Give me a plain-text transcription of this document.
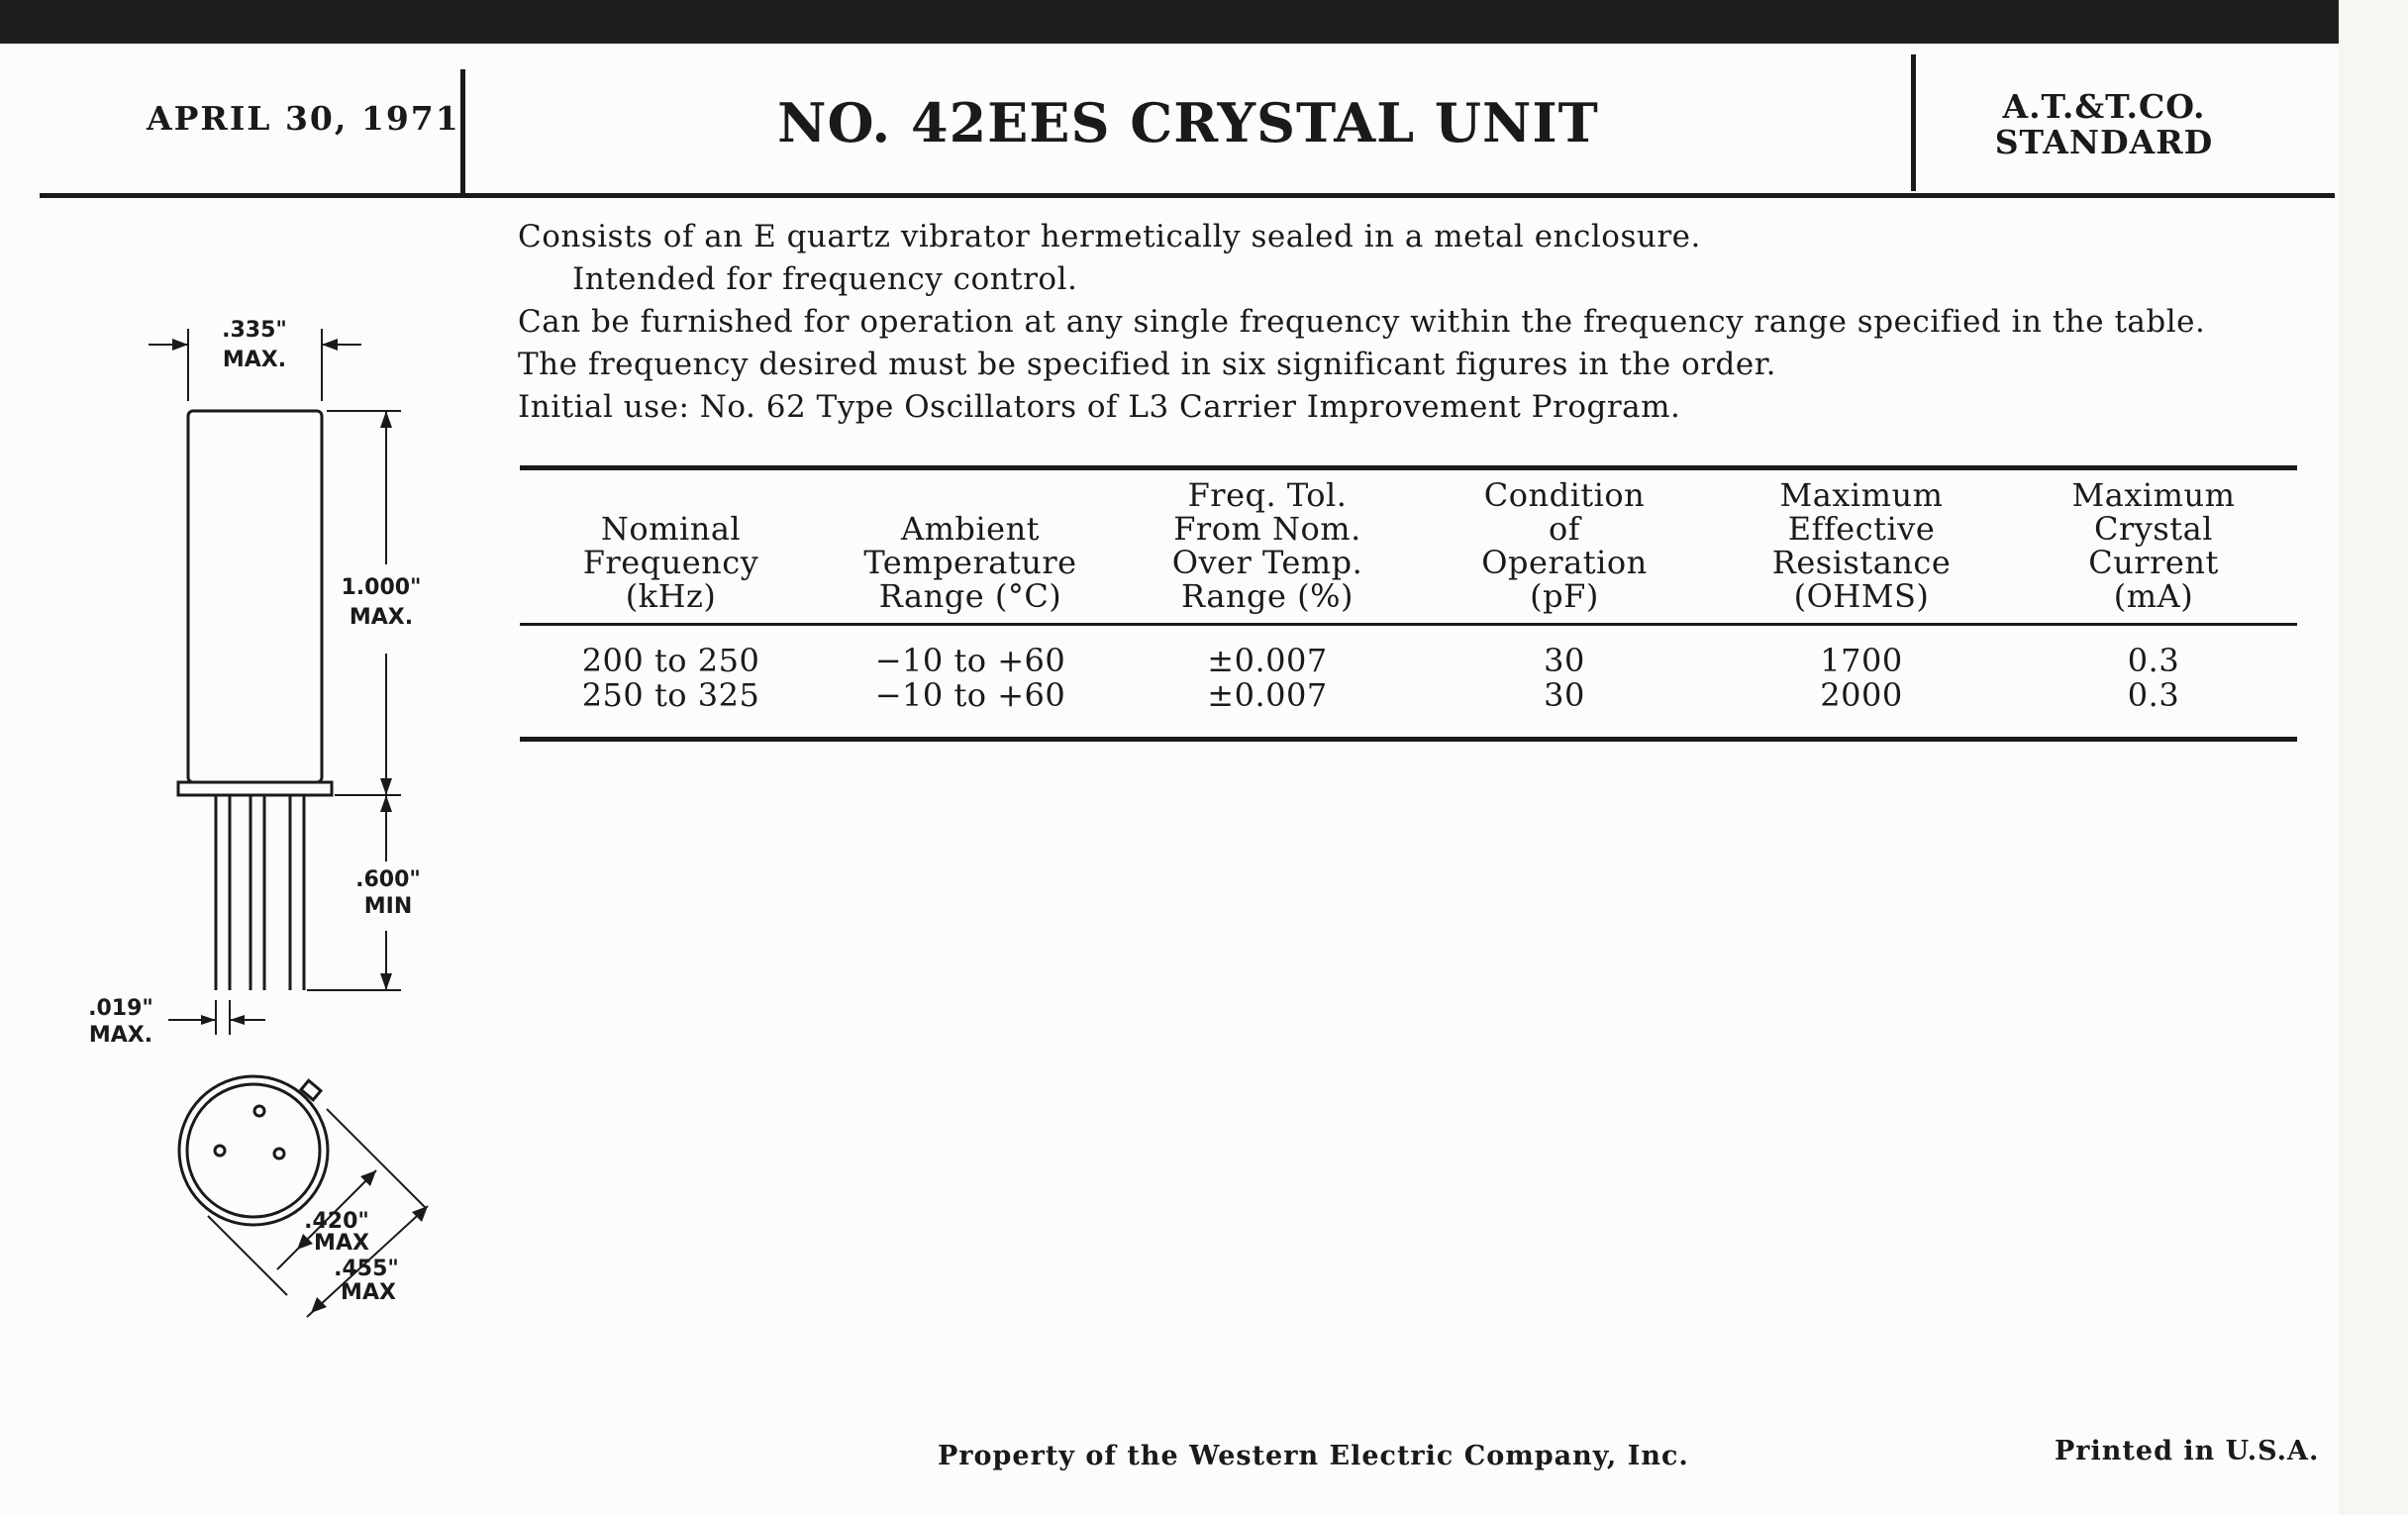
APRIL 30, 1971	NO. 42EES CRYSTAL UNIT	A.T.&T.CO.
STANDARD
Consists of an E quartz vibrator hermetically sealed in a metal enclosure.
Intended for frequency control.
Can be furnished for operation at any single frequency within the frequency range specified in the table.
The frequency desired must be specified in six significant figures in the order.
Initial use: No. 62 Type Oscillators of L3 Carrier Improvement Program.
Nominal
Frequency
(kHz)	Ambient
Temperature
Range (°C)	Freq. Tol.
From Nom.
Over Temp.
Range (%)	Condition
of
Operation
(pF)	Maximum
Effective
Resistance
(OHMS)	Maximum
Crystal
Current
(mA)

200 to 250	−10 to +60	±0.007	30	1700	0.3
250 to 325	−10 to +60	±0.007	30	2000	0.3
.335"
MAX.
1.000"
MAX.
.600"
MIN
.019"
MAX.
.420"
MAX
.455"
MAX
Property of the Western Electric Company, Inc.	Printed in U.S.A.
